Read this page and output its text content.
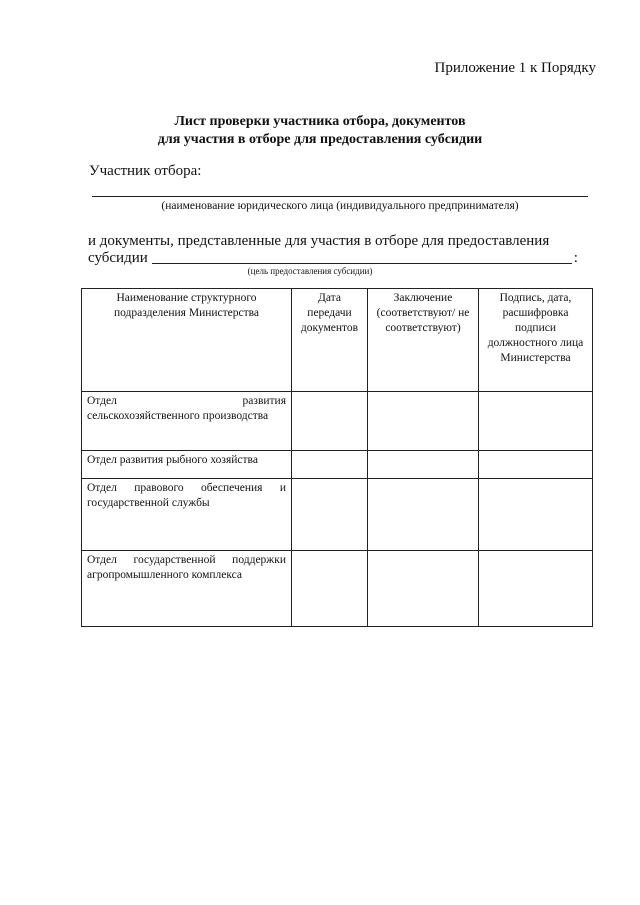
Приложение 1 к Порядку
Лист проверки участника отбора, документов
для участия в отборе для предоставления субсидии
Участник отбора:
(наименование юридического лица (индивидуального предпринимателя)
и документы, представленные для участия в отборе для предоставления
субсидии	:
(цель предоставления субсидии)
Наименование структурного подразделения Министерства	Дата передачи документов	Заключение (соответствуют/ не соответствуют)	Подпись, дата, расшифровка подписи должностного лица Министерства

Отдел развития
сельскохозяйственного производства			

Отдел развития рыбного хозяйства			
Отдел правового обеспечения и государственной службы			
Отдел государственной поддержки агропромышленного комплекса			
